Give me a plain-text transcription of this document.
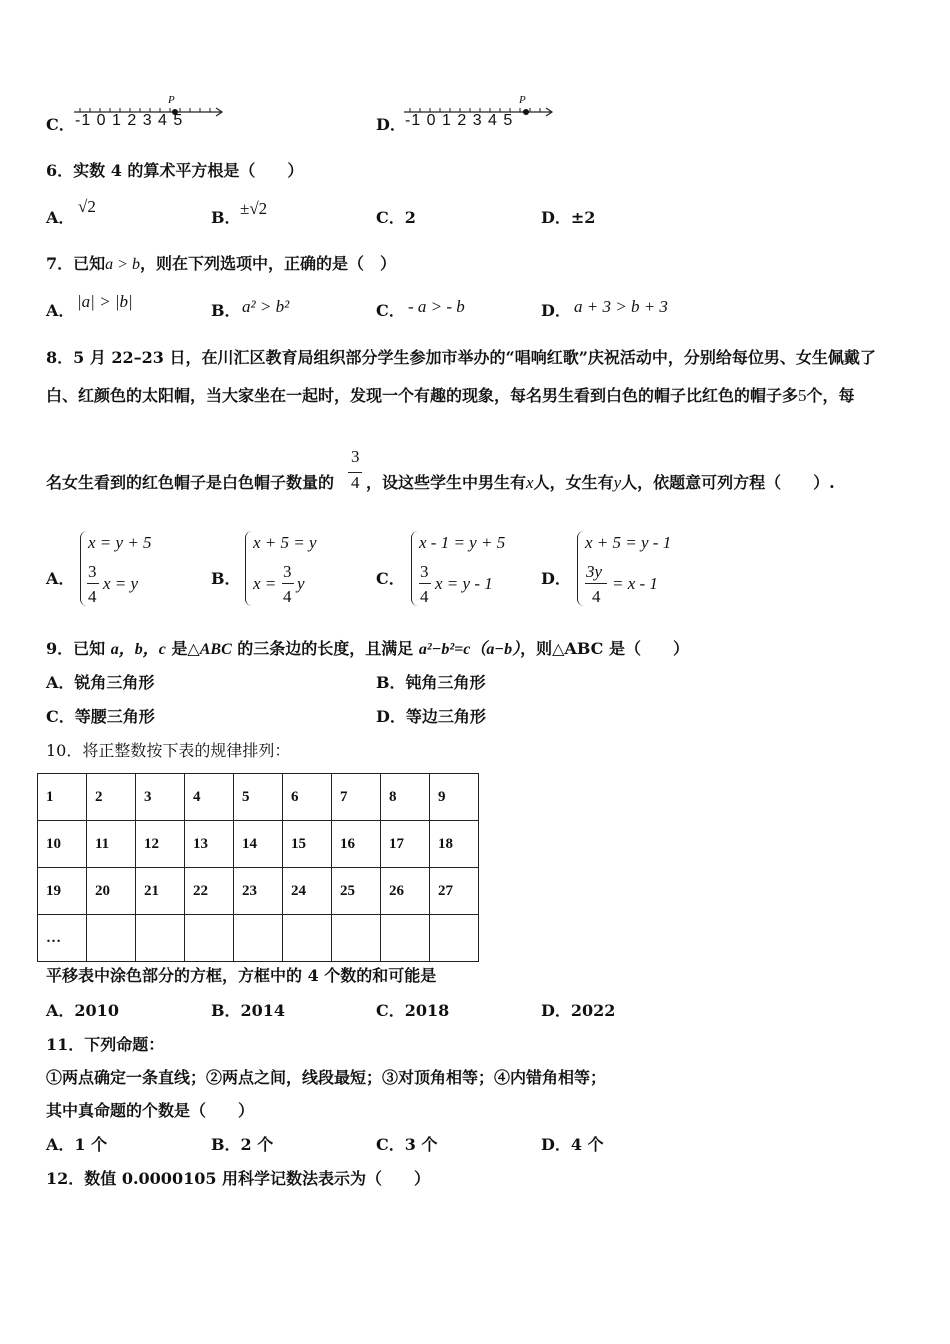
C．
P
-1 0 1 2 3 4 5	D．
P
-1 0 1 2 3 4 5
6．实数 4 的算术平方根是（　　）
A．
√2
B． ±√2	C．2	D．±2
7．已知a > b，则在下列选项中，正确的是（　）
A． |a| > |b|	B． a² > b²	C． - a > - b	D． a + 3 > b + 3
8．5 月 22–23 日，在川汇区教育局组织部分学生参加市举办的“唱响红歌”庆祝活动中，分别给每位男、女生佩戴了
白、红颜色的太阳帽，当大家坐在一起时，发现一个有趣的现象，每名男生看到白色的帽子比红色的帽子多5个，每
名女生看到的红色帽子是白色帽子数量的
3
4 ，设这些学生中男生有x人，女生有y人，依题意可列方程（　　）.
A．
x = y + 5
3
4
x = y	B．
x + 5 = y
x =
3
4
y	C．
x - 1 = y + 5
3
4
x = y - 1	D．
x + 5 = y - 1
3y
4
= x - 1
9．已知 a，b，c 是△ABC 的三条边的长度，且满足 a²−b²=c（a−b），则△ABC 是（　　）
A．锐角三角形	B．钝角三角形
C．等腰三角形	D．等边三角形
10．将正整数按下表的规律排列：
1	2	3	4	5	6	7	8	9
10	11	12	13	14	15	16	17	18
19	20	21	22	23	24	25	26	27
…								
平移表中涂色部分的方框，方框中的 4 个数的和可能是
A．2010	B．2014	C．2018	D．2022
11．下列命题：
①两点确定一条直线；②两点之间，线段最短；③对顶角相等；④内错角相等；
其中真命题的个数是（　　）
A．1 个	B．2 个	C．3 个	D．4 个
12．数值 0.0000105 用科学记数法表示为（　　）
